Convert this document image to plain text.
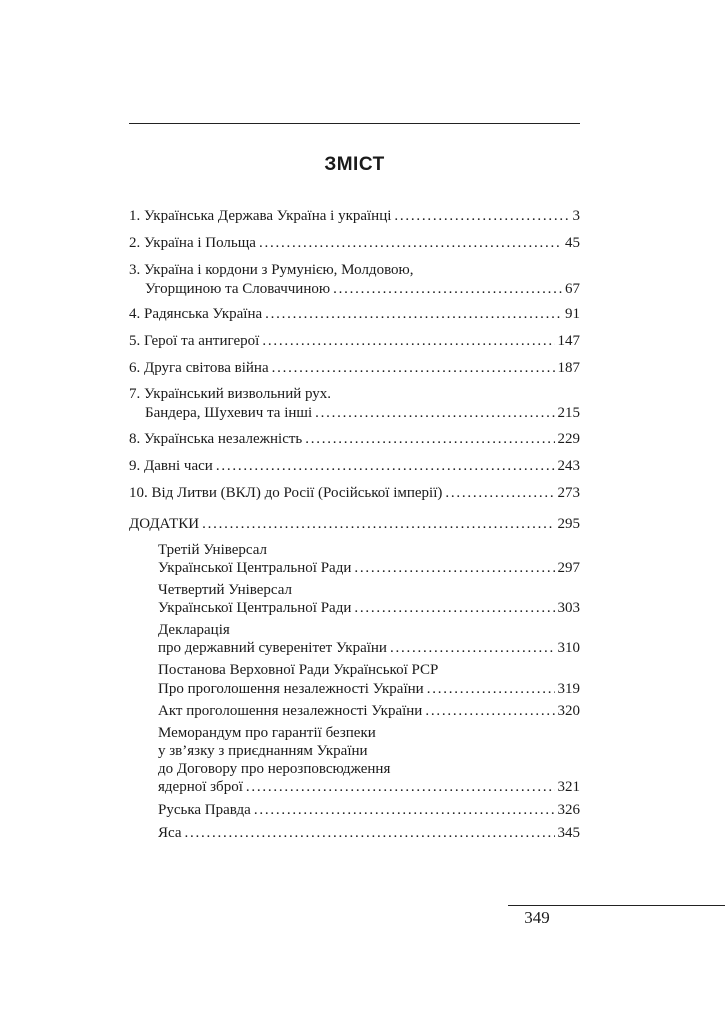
ЗМІСТ
1. Українська Держава Україна і українці . . .	3
2. Україна і Польща . . .	45
3. Україна і кордони з Румунією, Молдовою,
Угорщиною та Словаччиною . . .	67
4. Радянська Україна . . .	91
5. Герої та антигерої . . .	147
6. Друга світова війна . . .	187
7. Український визвольний рух.
Бандера, Шухевич та інші . . .	215
8. Українська незалежність . . .	229
9. Давні часи . . .	243
10. Від Литви (ВКЛ) до Росії (Російської імперії) . . .	273
ДОДАТКИ . . .	295
Третій Універсал
Української Центральної Ради . . .	297
Четвертий Універсал
Української Центральної Ради . . .	303
Декларація
про державний суверенітет України . . .	310
Постанова Верховної Ради Української РСР
Про проголошення незалежності України . . .	319
Акт проголошення незалежності України . . .	320
Меморандум про гарантії безпеки
у зв’язку з приєднанням України
до Договору про нерозповсюдження
ядерної зброї . . .	321
Руська Правда . . .	326
Яса . . .	345
349
